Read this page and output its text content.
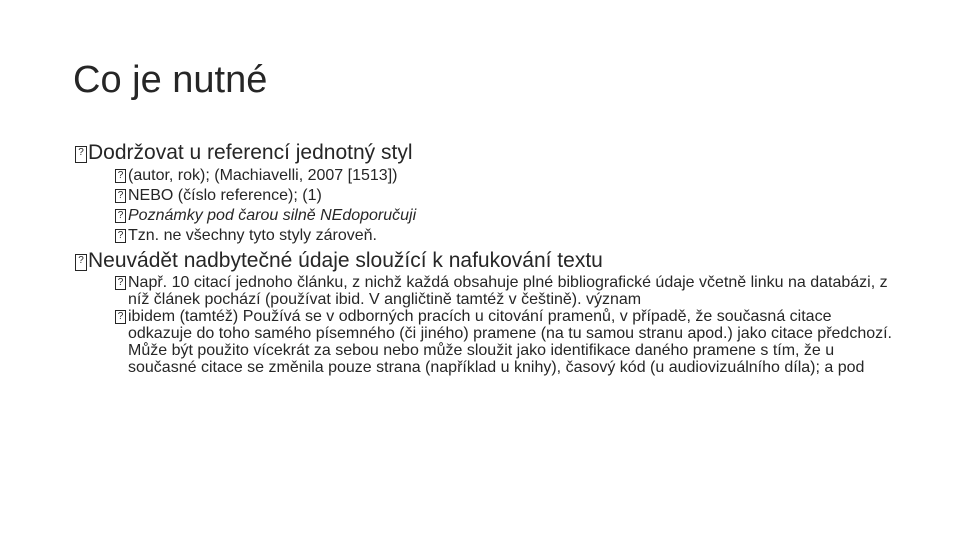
Co je nutné
? Dodržovat u referencí jednotný styl
? (autor, rok); (Machiavelli, 2007 [1513])
? NEBO (číslo reference); (1)
? Poznámky pod čarou silně NEdoporučuji
? Tzn. ne všechny tyto styly zároveň.
? Neuvádět nadbytečné údaje sloužící k nafukování textu
? Např. 10 citací jednoho článku, z nichž každá obsahuje plné bibliografické údaje včetně linku na databázi, z níž článek pochází (používat ibid. V angličtině tamtéž v češtině). význam
? ibidem (tamtéž) Používá se v odborných pracích u citování pramenů, v případě, že současná citace odkazuje do toho samého písemného (či jiného) pramene (na tu samou stranu apod.) jako citace předchozí. Může být použito vícekrát za sebou nebo může sloužit jako identifikace daného pramene s tím, že u současné citace se změnila pouze strana (například u knihy), časový kód (u audiovizuálního díla); a pod
